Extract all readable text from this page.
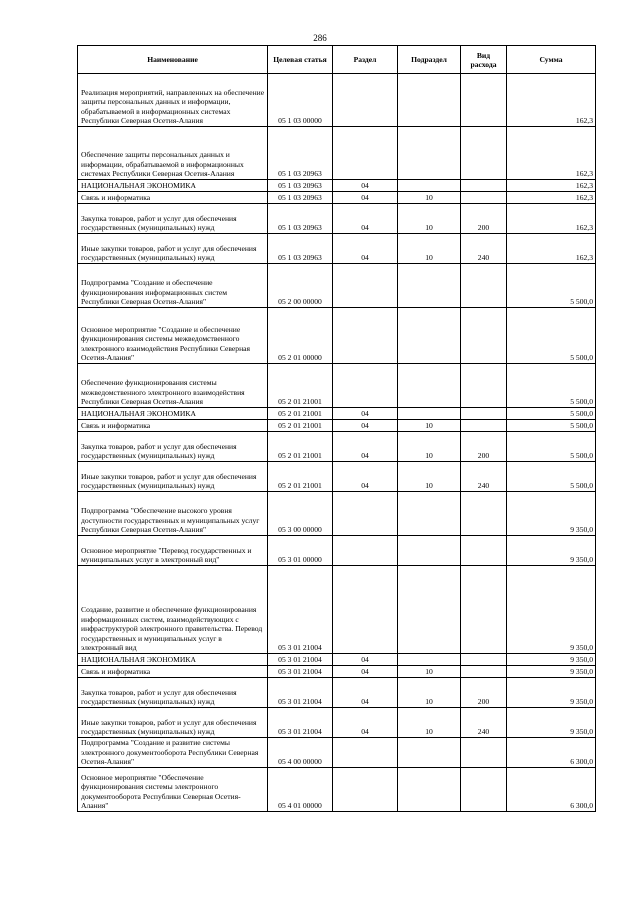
286
Наименование	Целевая статья	Раздел	Подраздел	Вид расхода	Сумма

Реализация мероприятий, направленных на обеспечение защиты персональных данных и информации, обрабатываемой в информационных системах Республики Северная Осетия-Алания	05 1 03 00000				162,3

Обеспечение защиты персональных данных и информации, обрабатываемой в информационных системах Республики Северная Осетия-Алания	05 1 03 20963				162,3

НАЦИОНАЛЬНАЯ ЭКОНОМИКА	05 1 03 20963	04			162,3

Связь и информатика	05 1 03 20963	04	10		162,3

Закупка товаров, работ и услуг для обеспечения государственных (муниципальных) нужд	05 1 03 20963	04	10	200	162,3

Иные закупки товаров, работ и услуг для обеспечения государственных (муниципальных) нужд	05 1 03 20963	04	10	240	162,3

Подпрограмма "Создание и обеспечение функционирования информационных систем Республики Северная Осетия-Алания"	05 2 00 00000				5 500,0

Основное мероприятие "Создание и обеспечение функционирования системы межведомственного электронного взаимодействия Республики Северная Осетия-Алания"	05 2 01 00000				5 500,0

Обеспечение функционирования системы межведомственного электронного взаимодействия Республики Северная Осетия-Алания	05 2 01 21001				5 500,0

НАЦИОНАЛЬНАЯ ЭКОНОМИКА	05 2 01 21001	04			5 500,0

Связь и информатика	05 2 01 21001	04	10		5 500,0

Закупка товаров, работ и услуг для обеспечения государственных (муниципальных) нужд	05 2 01 21001	04	10	200	5 500,0

Иные закупки товаров, работ и услуг для обеспечения государственных (муниципальных) нужд	05 2 01 21001	04	10	240	5 500,0

Подпрограмма "Обеспечение высокого уровня доступности государственных и муниципальных услуг Республики Северная Осетия-Алания"	05 3 00 00000				9 350,0

Основное мероприятие "Перевод государственных и муниципальных услуг в электронный вид"	05 3 01 00000				9 350,0

Создание, развитие и обеспечение функционирования информационных систем, взаимодействующих с инфраструктурой электронного правительства. Перевод государственных и муниципальных услуг в электронный вид	05 3 01 21004				9 350,0

НАЦИОНАЛЬНАЯ ЭКОНОМИКА	05 3 01 21004	04			9 350,0

Связь и информатика	05 3 01 21004	04	10		9 350,0

Закупка товаров, работ и услуг для обеспечения государственных (муниципальных) нужд	05 3 01 21004	04	10	200	9 350,0

Иные закупки товаров, работ и услуг для обеспечения государственных (муниципальных) нужд	05 3 01 21004	04	10	240	9 350,0

Подпрограмма "Создание и развитие системы электронного документооборота Республики Северная Осетия-Алания"	05 4 00 00000				6 300,0

Основное мероприятие "Обеспечение функционирования системы электронного документооборота Республики Северная Осетия-Алания"	05 4 01 00000				6 300,0
